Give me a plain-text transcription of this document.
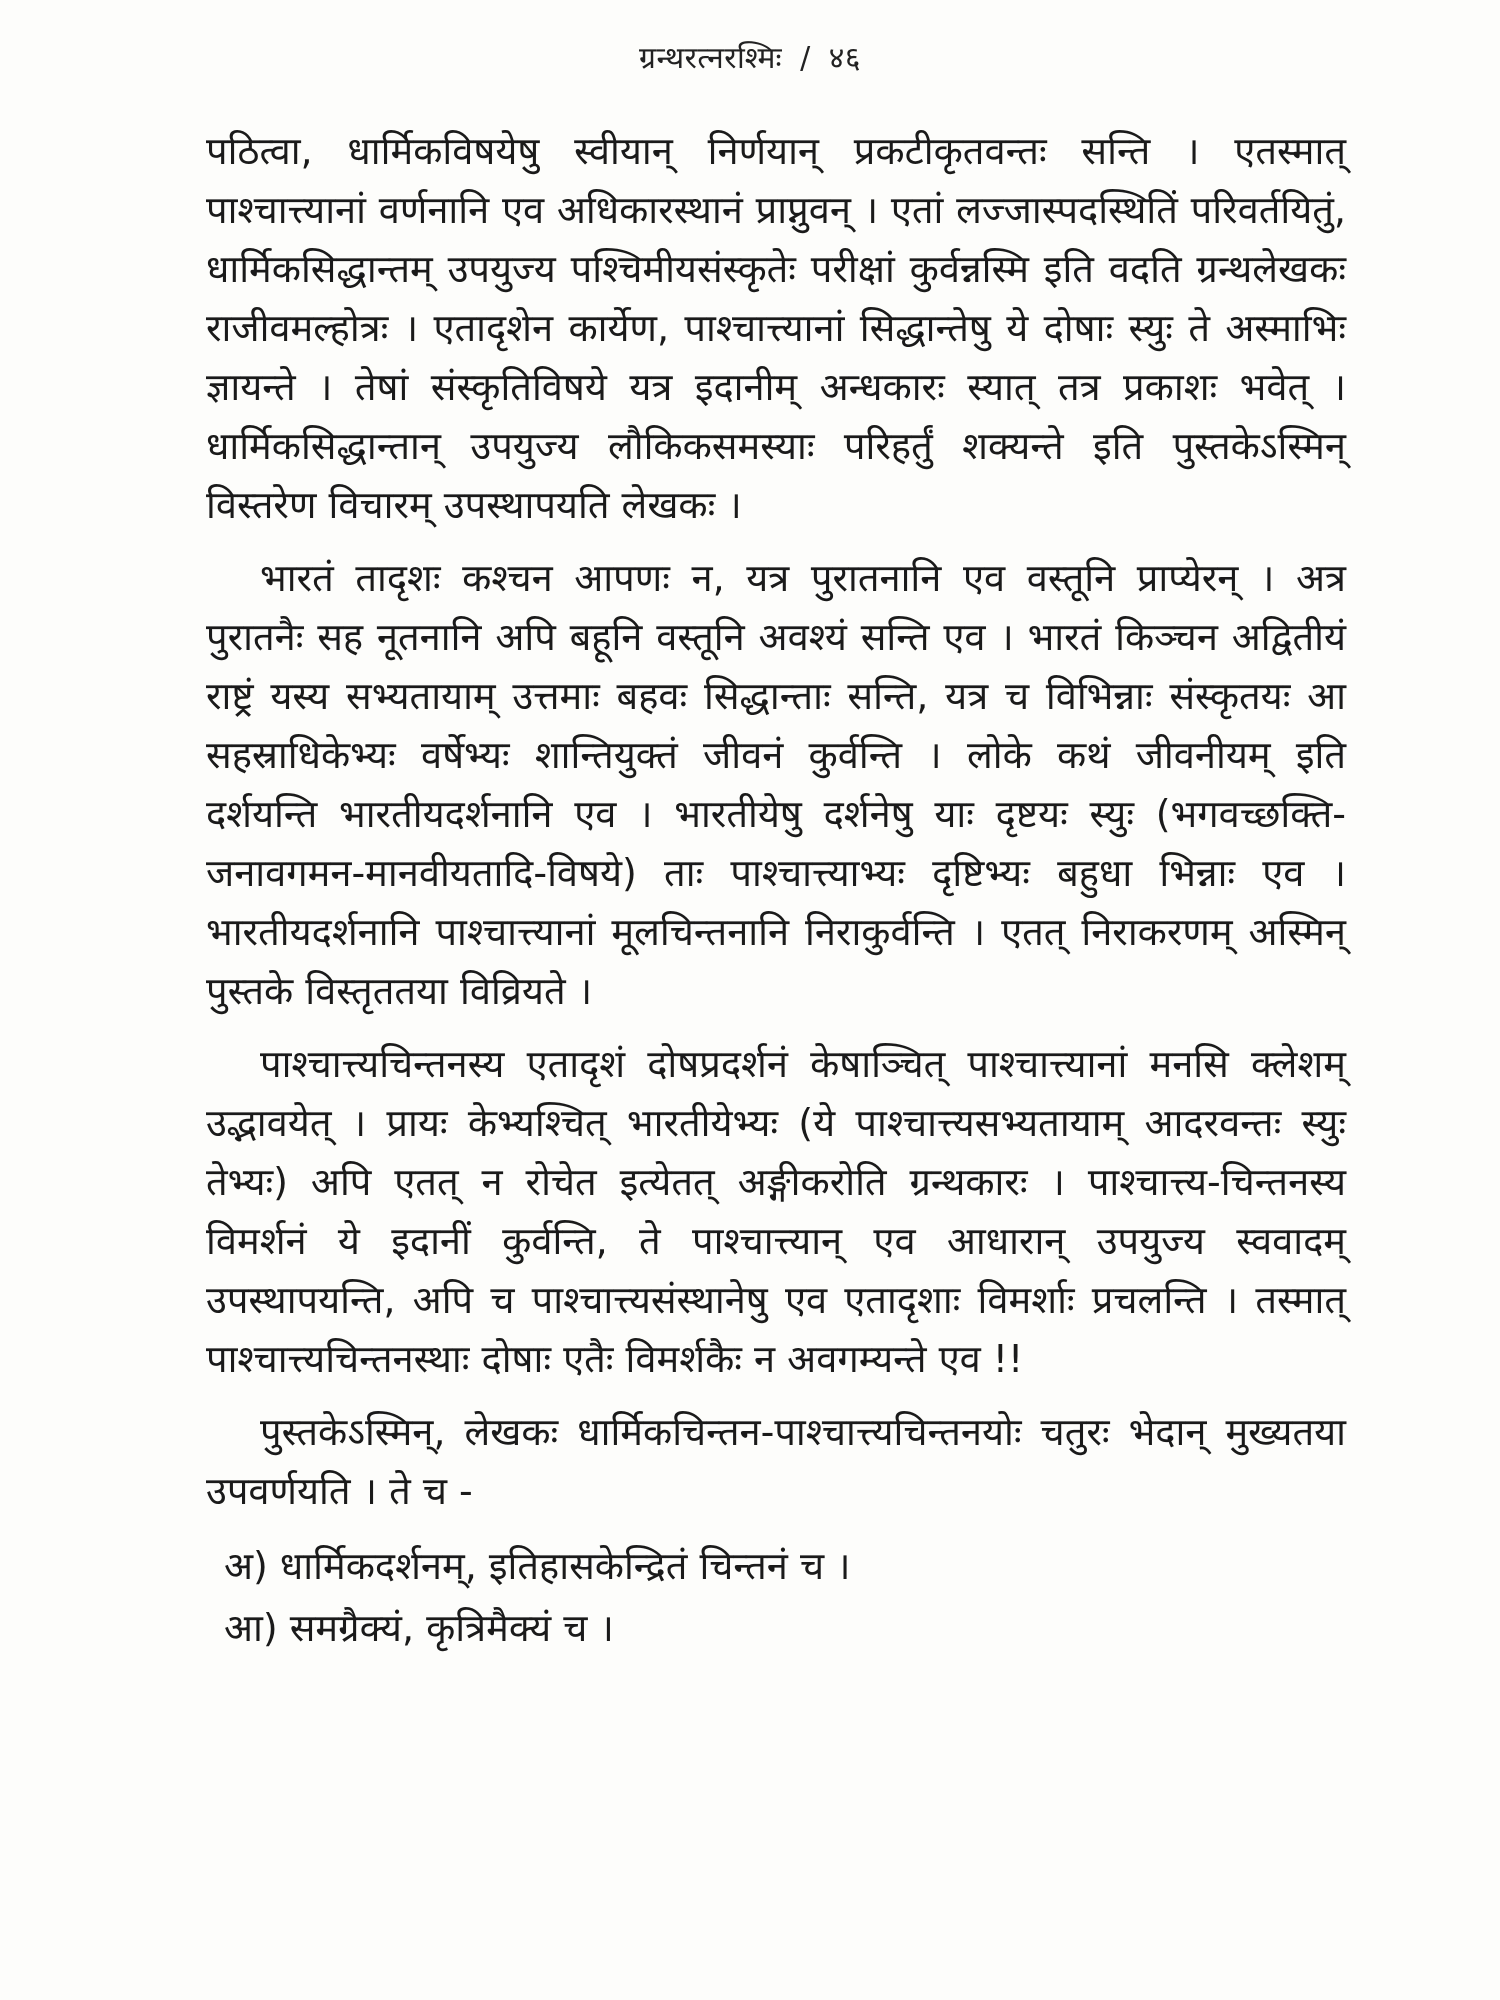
ग्रन्थरत्नरश्मिः / ४६

पठित्वा, धार्मिकविषयेषु स्वीयान् निर्णयान् प्रकटीकृतवन्तः सन्ति । एतस्मात् पाश्चात्त्यानां वर्णनानि एव अधिकारस्थानं प्राप्नुवन् । एतां लज्जास्पदस्थितिं परिवर्तयितुं, धार्मिकसिद्धान्तम् उपयुज्य पश्चिमीयसंस्कृतेः परीक्षां कुर्वन्नस्मि इति वदति ग्रन्थलेखकः राजीवमल्होत्रः । एतादृशेन कार्येण, पाश्चात्त्यानां सिद्धान्तेषु ये दोषाः स्युः ते अस्माभिः ज्ञायन्ते । तेषां संस्कृतिविषये यत्र इदानीम् अन्धकारः स्यात् तत्र प्रकाशः भवेत् । धार्मिकसिद्धान्तान् उपयुज्य लौकिकसमस्याः परिहर्तुं शक्यन्ते इति पुस्तकेऽस्मिन् विस्तरेण विचारम् उपस्थापयति लेखकः ।

भारतं तादृशः कश्चन आपणः न, यत्र पुरातनानि एव वस्तूनि प्राप्येरन् । अत्र पुरातनैः सह नूतनानि अपि बहूनि वस्तूनि अवश्यं सन्ति एव । भारतं किञ्चन अद्वितीयं राष्ट्रं यस्य सभ्यतायाम् उत्तमाः बहवः सिद्धान्ताः सन्ति, यत्र च विभिन्नाः संस्कृतयः आ सहस्राधिकेभ्यः वर्षेभ्यः शान्तियुक्तं जीवनं कुर्वन्ति । लोके कथं जीवनीयम् इति दर्शयन्ति भारतीयदर्शनानि एव । भारतीयेषु दर्शनेषु याः दृष्टयः स्युः (भगवच्छक्ति-जनावगमन-मानवीयतादि-विषये) ताः पाश्चात्त्याभ्यः दृष्टिभ्यः बहुधा भिन्नाः एव । भारतीयदर्शनानि पाश्चात्त्यानां मूलचिन्तनानि निराकुर्वन्ति । एतत् निराकरणम् अस्मिन् पुस्तके विस्तृततया विव्रियते ।

पाश्चात्त्यचिन्तनस्य एतादृशं दोषप्रदर्शनं केषाञ्चित् पाश्चात्त्यानां मनसि क्लेशम् उद्भावयेत् । प्रायः केभ्यश्चित् भारतीयेभ्यः (ये पाश्चात्त्यसभ्यतायाम् आदरवन्तः स्युः तेभ्यः) अपि एतत् न रोचेत इत्येतत् अङ्गीकरोति ग्रन्थकारः । पाश्चात्त्य-चिन्तनस्य विमर्शनं ये इदानीं कुर्वन्ति, ते पाश्चात्त्यान् एव आधारान् उपयुज्य स्ववादम् उपस्थापयन्ति, अपि च पाश्चात्त्यसंस्थानेषु एव एतादृशाः विमर्शाः प्रचलन्ति । तस्मात् पाश्चात्त्यचिन्तनस्थाः दोषाः एतैः विमर्शकैः न अवगम्यन्ते एव !!

पुस्तकेऽस्मिन्, लेखकः धार्मिकचिन्तन-पाश्चात्त्यचिन्तनयोः चतुरः भेदान् मुख्यतया उपवर्णयति । ते च -

अ) धार्मिकदर्शनम्, इतिहासकेन्द्रितं चिन्तनं च ।
आ) समग्रैक्यं, कृत्रिमैक्यं च ।
